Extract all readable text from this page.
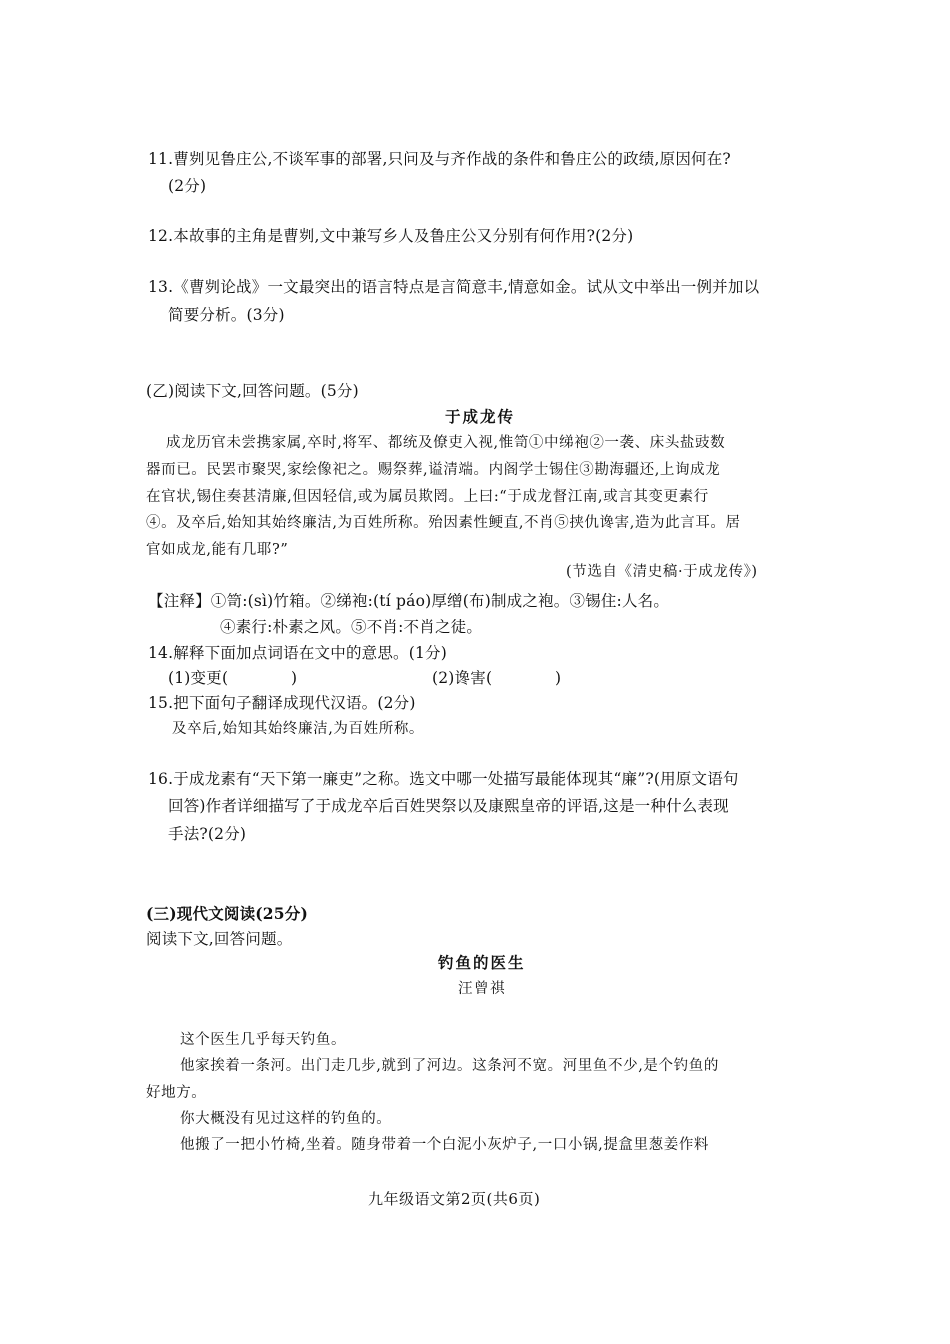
11.曹刿见鲁庄公,不谈军事的部署,只问及与齐作战的条件和鲁庄公的政绩,原因何在?
(2分)
12.本故事的主角是曹刿,文中兼写乡人及鲁庄公又分别有何作用?(2分)
13.《曹刿论战》一文最突出的语言特点是言简意丰,情意如金。试从文中举出一例并加以
简要分析。(3分)
(乙)阅读下文,回答问题。(5分)
于成龙传
成龙历官未尝携家属,卒时,将军、都统及僚吏入视,惟笥①中绨袍②一袭、床头盐豉数
器而已。民罢市聚哭,家绘像祀之。赐祭葬,谥清端。内阁学士锡住③勘海疆还,上询成龙
在官状,锡住奏甚清廉,但因轻信,或为属员欺罔。上曰:“于成龙督江南,或言其变更素行
④。及卒后,始知其始终廉洁,为百姓所称。殆因素性鲠直,不肖⑤挟仇谗害,造为此言耳。居
官如成龙,能有几耶?”
(节选自《清史稿·于成龙传》)
【注释】①笥:(sì)竹箱。②绨袍:(tí páo)厚缯(布)制成之袍。③锡住:人名。
④素行:朴素之风。⑤不肖:不肖之徒。
14.解释下面加点词语在文中的意思。(1分)
(1)变更(　　　　)	(2)谗害(　　　　)
15.把下面句子翻译成现代汉语。(2分)
及卒后,始知其始终廉洁,为百姓所称。
16.于成龙素有“天下第一廉吏”之称。选文中哪一处描写最能体现其“廉”?(用原文语句
回答)作者详细描写了于成龙卒后百姓哭祭以及康熙皇帝的评语,这是一种什么表现
手法?(2分)
(三)现代文阅读(25分)
阅读下文,回答问题。
钓鱼的医生
汪曾祺
这个医生几乎每天钓鱼。
他家挨着一条河。出门走几步,就到了河边。这条河不宽。河里鱼不少,是个钓鱼的
好地方。
你大概没有见过这样的钓鱼的。
他搬了一把小竹椅,坐着。随身带着一个白泥小灰炉子,一口小锅,提盒里葱姜作料
九年级语文第2页(共6页)
